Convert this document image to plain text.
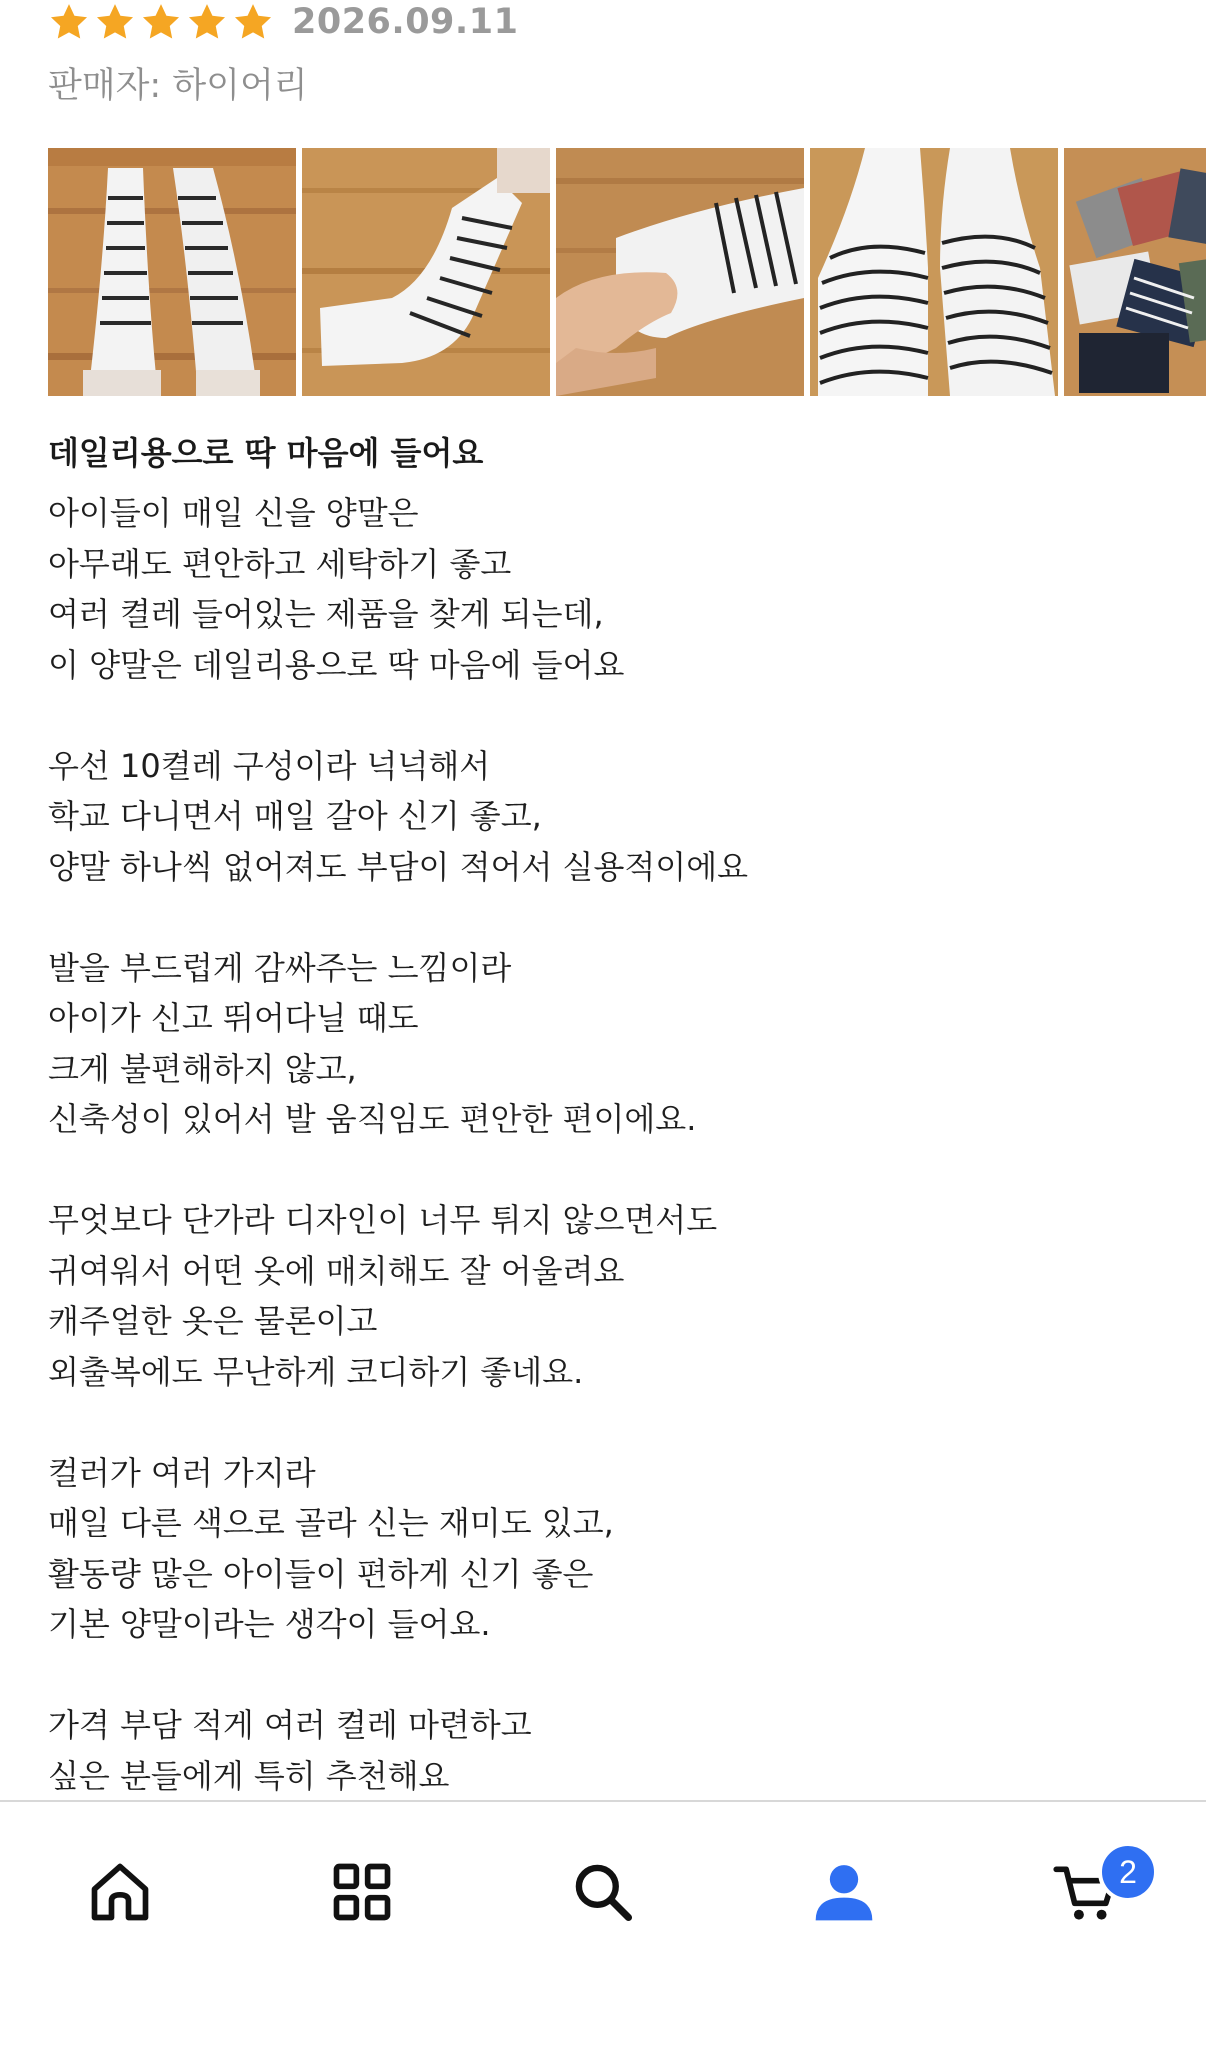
2026.09.11
판매자: 하이어리
데일리용으로 딱 마음에 들어요
아이들이 매일 신을 양말은
아무래도 편안하고 세탁하기 좋고
여러 켤레 들어있는 제품을 찾게 되는데,
이 양말은 데일리용으로 딱 마음에 들어요
우선 10켤레 구성이라 넉넉해서
학교 다니면서 매일 갈아 신기 좋고,
양말 하나씩 없어져도 부담이 적어서 실용적이에요
발을 부드럽게 감싸주는 느낌이라
아이가 신고 뛰어다닐 때도
크게 불편해하지 않고,
신축성이 있어서 발 움직임도 편안한 편이에요.
무엇보다 단가라 디자인이 너무 튀지 않으면서도
귀여워서 어떤 옷에 매치해도 잘 어울려요
캐주얼한 옷은 물론이고
외출복에도 무난하게 코디하기 좋네요.
컬러가 여러 가지라
매일 다른 색으로 골라 신는 재미도 있고,
활동량 많은 아이들이 편하게 신기 좋은
기본 양말이라는 생각이 들어요.
가격 부담 적게 여러 켤레 마련하고
싶은 분들에게 특히 추천해요
2
